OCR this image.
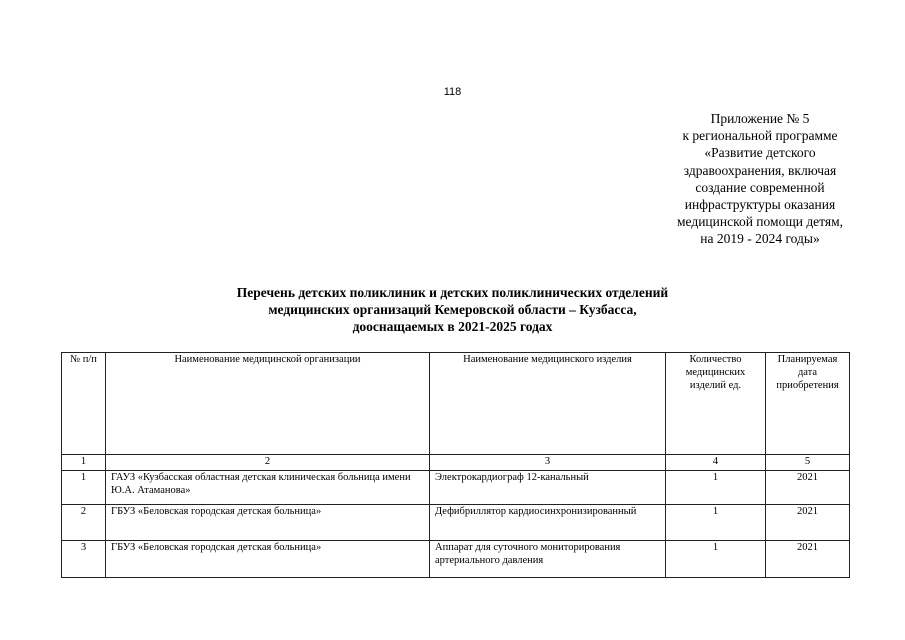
118
Приложение № 5
к региональной программе
«Развитие детского
здравоохранения, включая
создание современной
инфраструктуры оказания
медицинской помощи детям,
на 2019 - 2024 годы»
Перечень детских поликлиник и детских поликлинических отделений
медицинских организаций Кемеровской области – Кузбасса,
дооснащаемых в 2021-2025 годах
№ п/п	Наименование медицинской организации	Наименование медицинского изделия	Количество медицинских изделий ед.	Планируемая дата приобретения
1	2	3	4	5
1	ГАУЗ «Кузбасская областная детская клиническая больница имени Ю.А. Атаманова»	Электрокардиограф 12-канальный	1	2021
2	ГБУЗ «Беловская городская детская больница»	Дефибриллятор кардиосинхронизированный	1	2021
3	ГБУЗ «Беловская городская детская больница»	Аппарат для суточного мониторирования артериального давления	1	2021
